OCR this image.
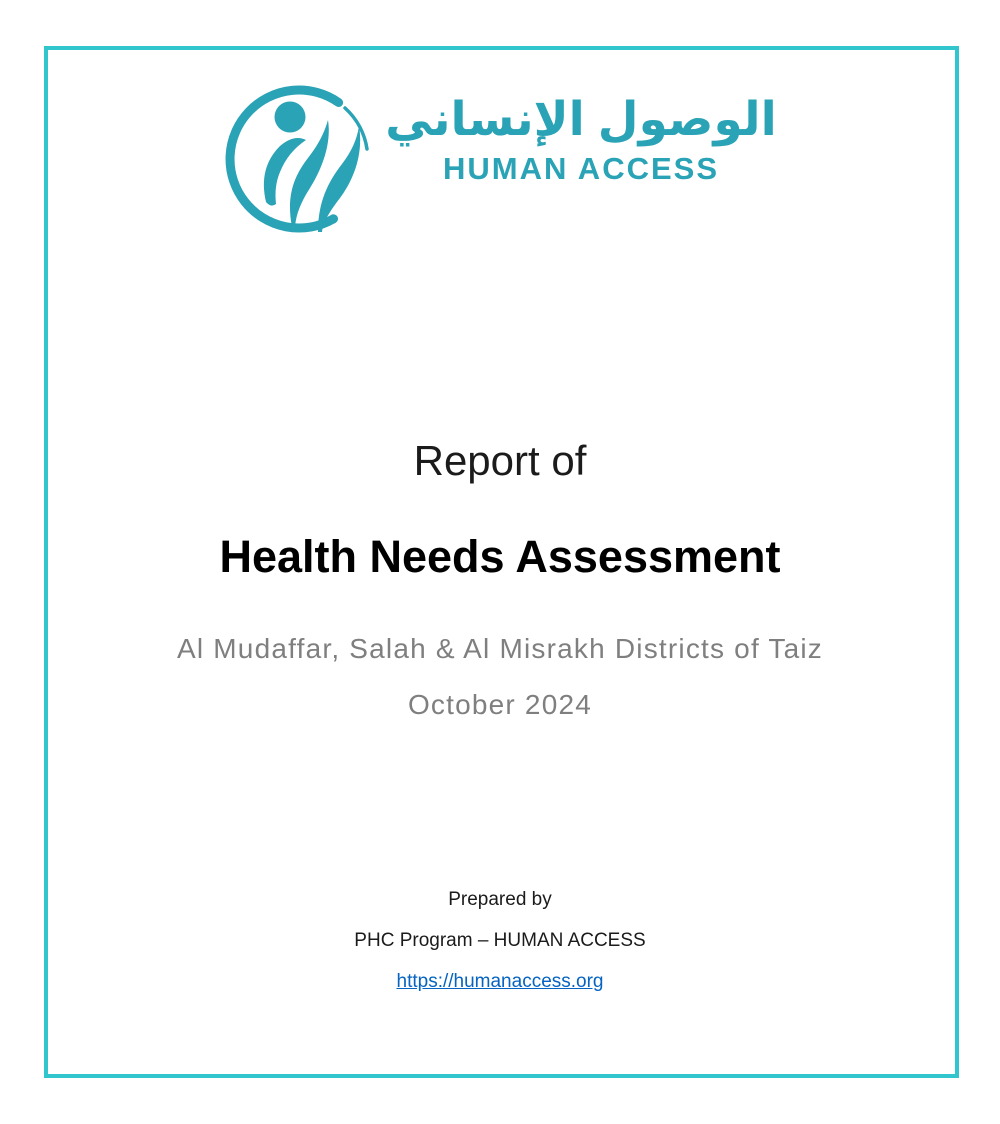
الوصول الإنساني
HUMAN ACCESS
Report of
Health Needs Assessment
Al Mudaffar, Salah & Al Misrakh Districts of Taiz
October 2024
Prepared by
PHC Program – HUMAN ACCESS
https://humanaccess.org
